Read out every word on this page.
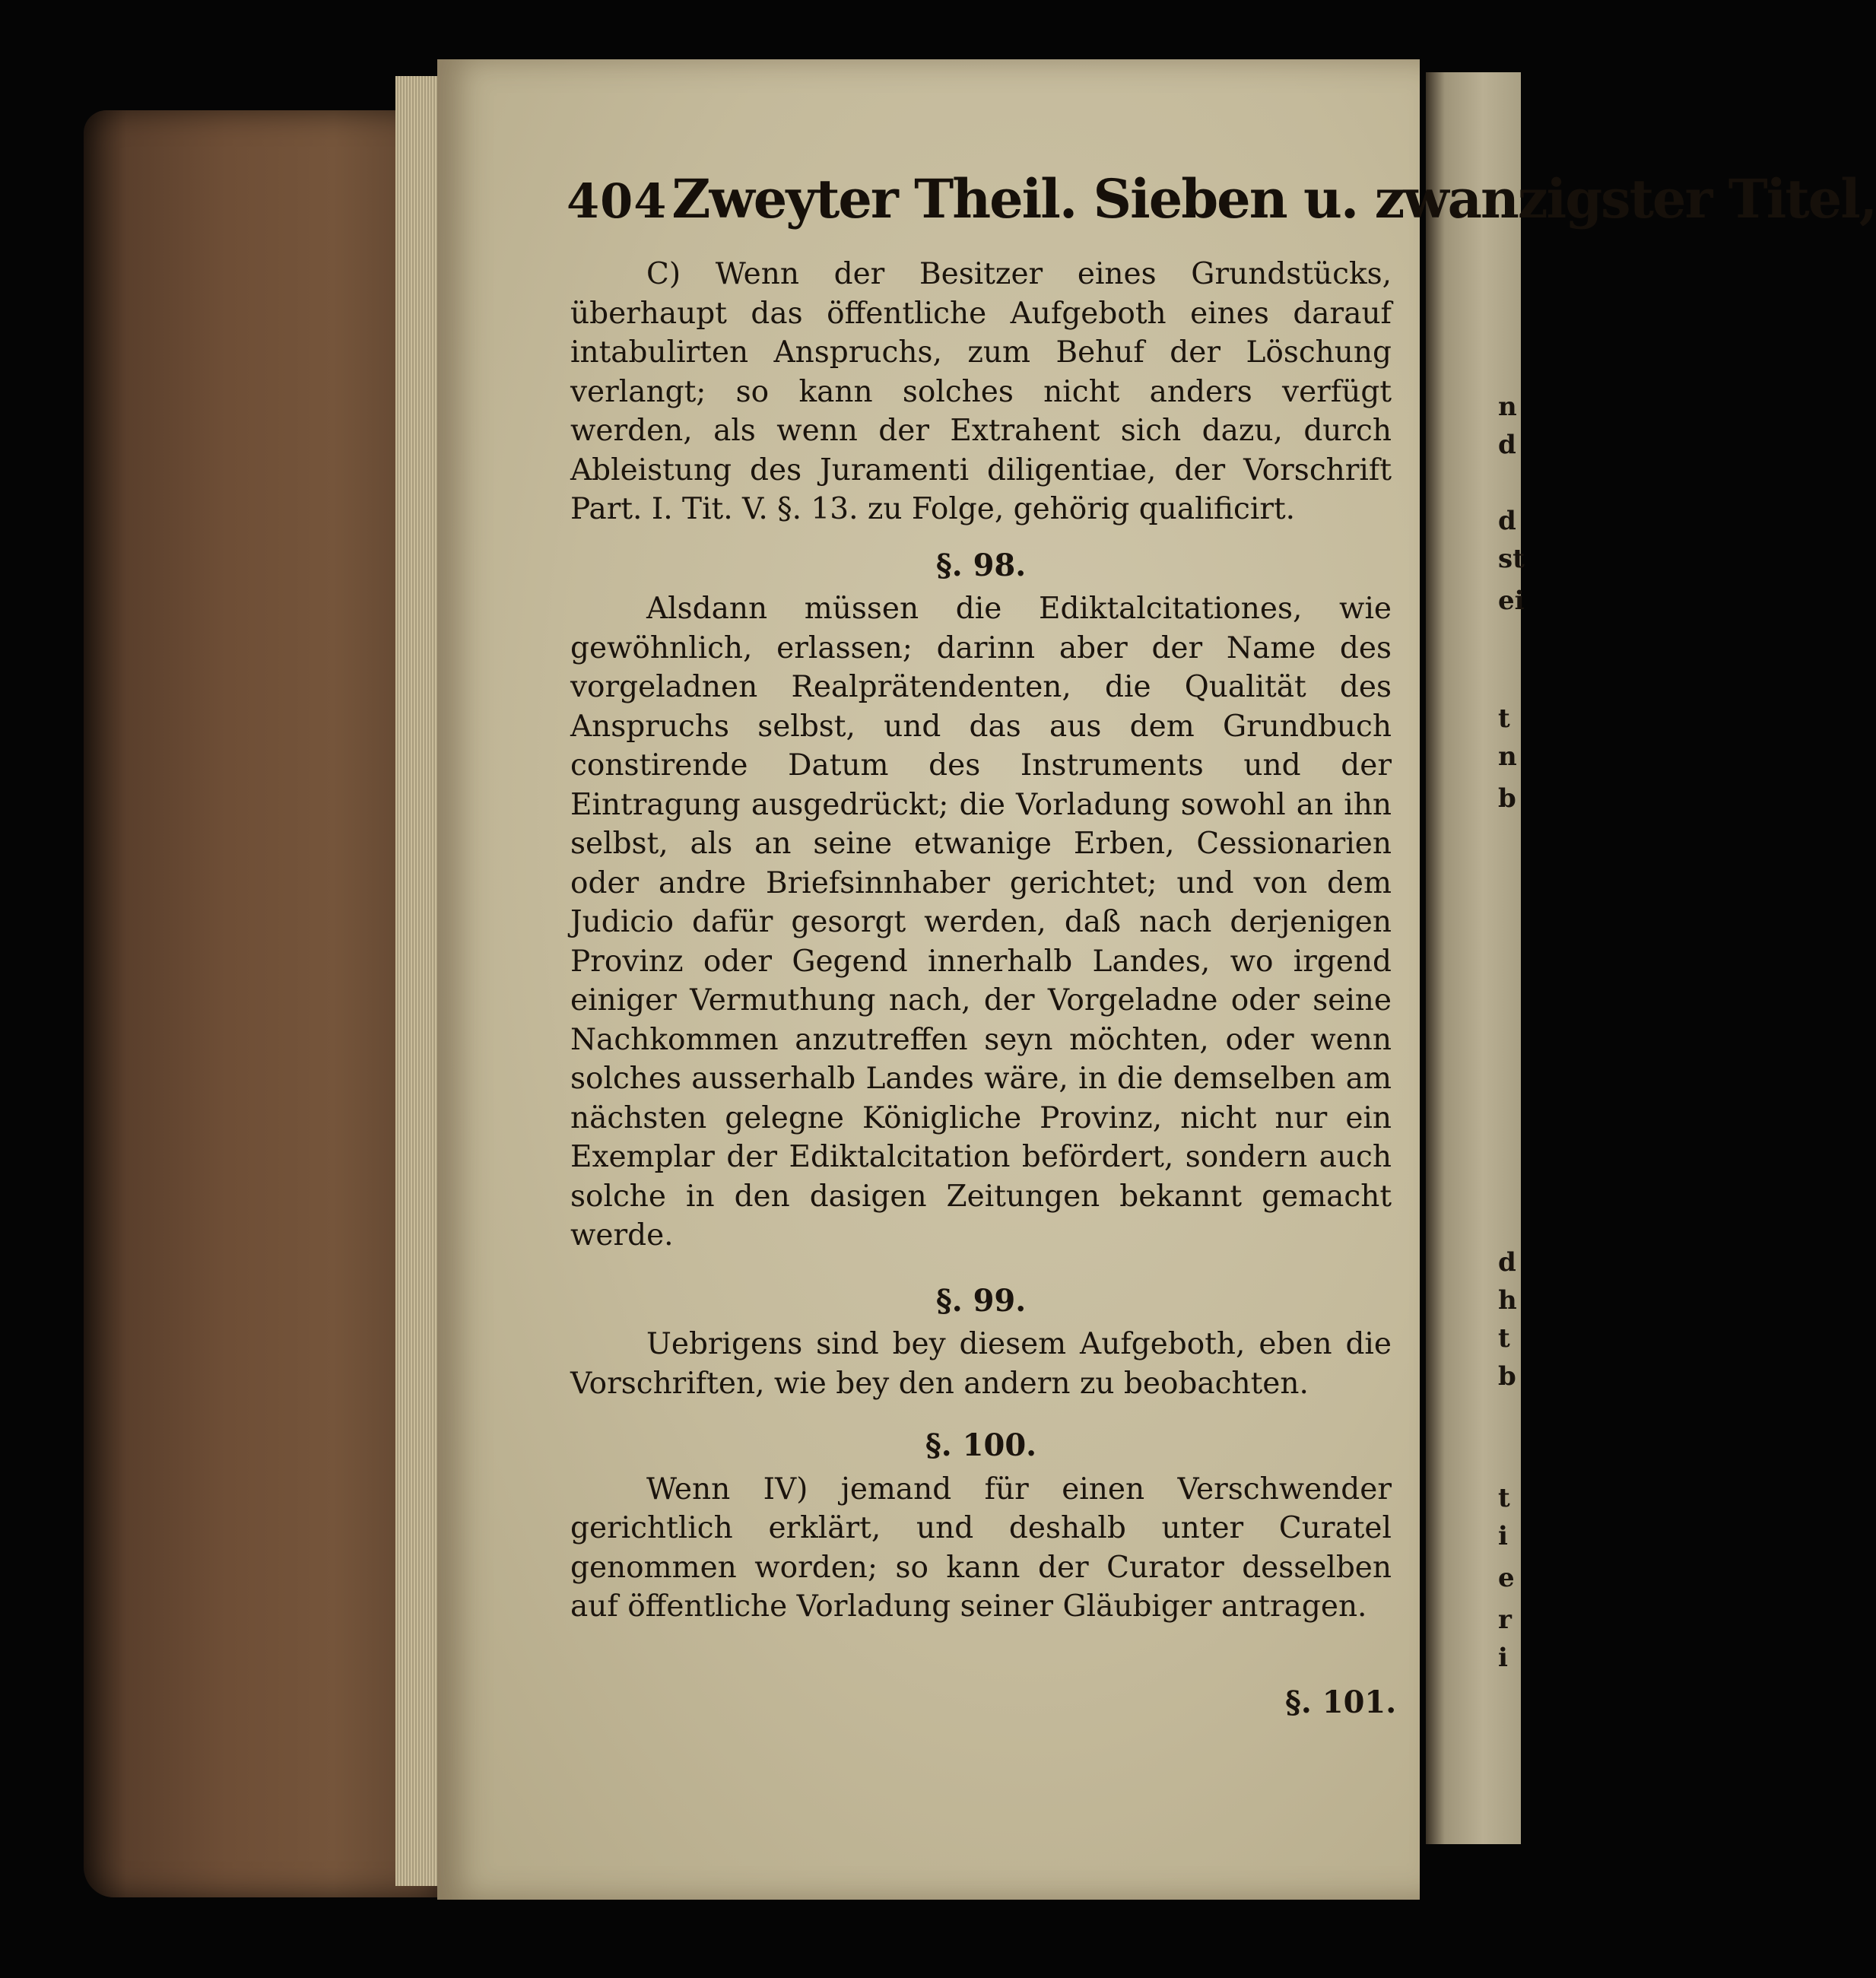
n
d
d
st
ei
t
n
b
d
h
t
b
t
i
e
r
i
404 Zweyter Theil. Sieben u. zwanzigster Titel,

C) Wenn der Besitzer eines Grundstücks, überhaupt das öffentliche Aufgeboth eines darauf intabulirten Anspruchs, zum Behuf der Löschung verlangt; so kann solches nicht anders verfügt werden, als wenn der Extrahent sich dazu, durch Ableistung des Juramenti diligentiae, der Vorschrift Part. I. Tit. V. §. 13. zu Folge, gehörig qualificirt.

§. 98.

Alsdann müssen die Ediktalcitationes, wie gewöhnlich, erlassen; darinn aber der Name des vorgeladnen Realprätendenten, die Qualität des Anspruchs selbst, und das aus dem Grundbuch constirende Datum des Instruments und der Eintragung ausgedrückt; die Vorladung sowohl an ihn selbst, als an seine etwanige Erben, Cessionarien oder andre Briefsinnhaber gerichtet; und von dem Judicio dafür gesorgt werden, daß nach derjenigen Provinz oder Gegend innerhalb Landes, wo irgend einiger Vermuthung nach, der Vorgeladne oder seine Nachkommen anzutreffen seyn möchten, oder wenn solches ausserhalb Landes wäre, in die demselben am nächsten gelegne Königliche Provinz, nicht nur ein Exemplar der Ediktalcitation befördert, sondern auch solche in den dasigen Zeitungen bekannt gemacht werde.

§. 99.

Uebrigens sind bey diesem Aufgeboth, eben die Vorschriften, wie bey den andern zu beobachten.

§. 100.

Wenn IV) jemand für einen Verschwender gerichtlich erklärt, und deshalb unter Curatel genommen worden; so kann der Curator desselben auf öffentliche Vorladung seiner Gläubiger antragen.

§. 101.
